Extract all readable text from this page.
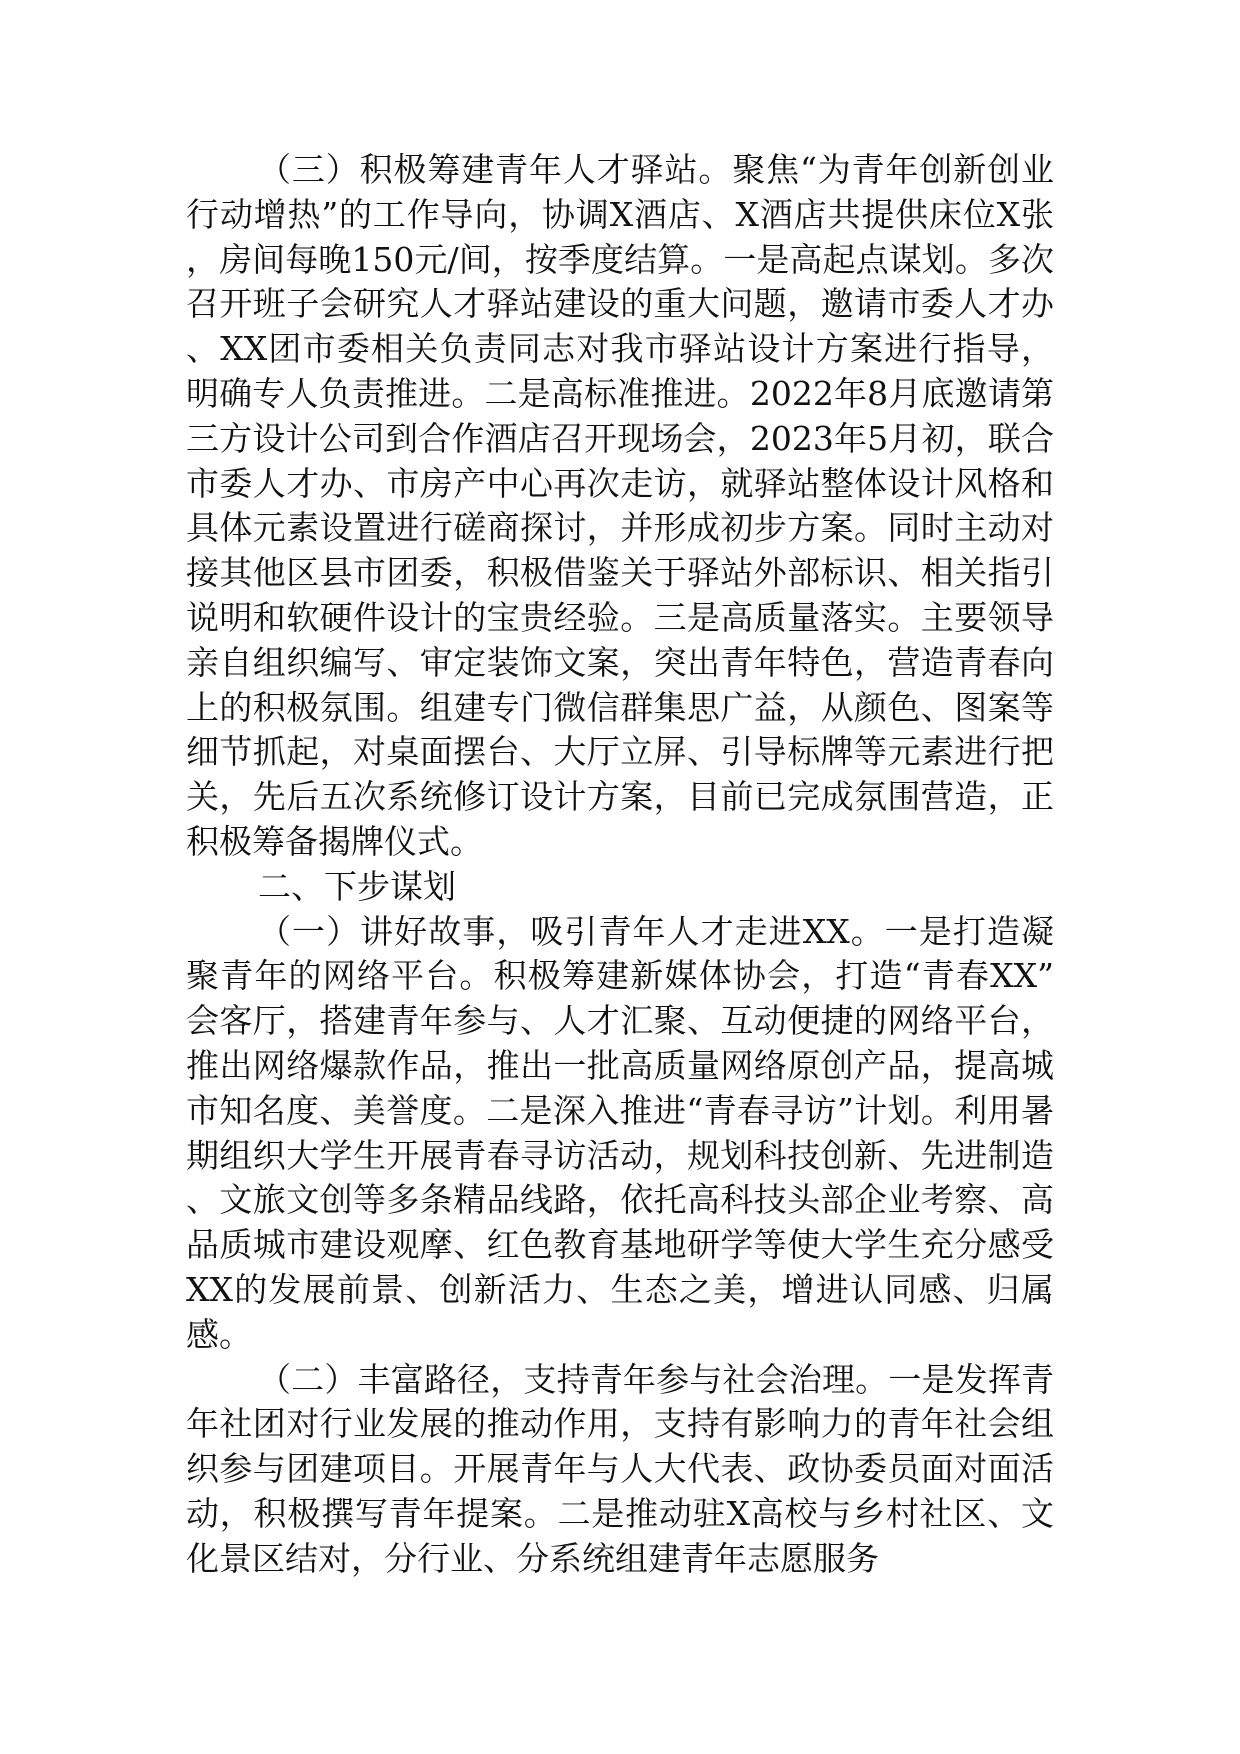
（三）积极筹建青年人才驿站。聚焦“为青年创新创业行动增热”的工作导向，协调X酒店、X酒店共提供床位X张，房间每晚150元/间，按季度结算。一是高起点谋划。多次召开班子会研究人才驿站建设的重大问题，邀请市委人才办、XX团市委相关负责同志对我市驿站设计方案进行指导，明确专人负责推进。二是高标准推进。2022年8月底邀请第三方设计公司到合作酒店召开现场会，2023年5月初，联合市委人才办、市房产中心再次走访，就驿站整体设计风格和具体元素设置进行磋商探讨，并形成初步方案。同时主动对接其他区县市团委，积极借鉴关于驿站外部标识、相关指引说明和软硬件设计的宝贵经验。三是高质量落实。主要领导亲自组织编写、审定装饰文案，突出青年特色，营造青春向上的积极氛围。组建专门微信群集思广益，从颜色、图案等细节抓起，对桌面摆台、大厅立屏、引导标牌等元素进行把关，先后五次系统修订设计方案，目前已完成氛围营造，正积极筹备揭牌仪式。

二、下步谋划

（一）讲好故事，吸引青年人才走进XX。一是打造凝聚青年的网络平台。积极筹建新媒体协会，打造“青春XX”会客厅，搭建青年参与、人才汇聚、互动便捷的网络平台，推出网络爆款作品，推出一批高质量网络原创产品，提高城市知名度、美誉度。二是深入推进“青春寻访”计划。利用暑期组织大学生开展青春寻访活动，规划科技创新、先进制造、文旅文创等多条精品线路，依托高科技头部企业考察、高品质城市建设观摩、红色教育基地研学等使大学生充分感受XX的发展前景、创新活力、生态之美，增进认同感、归属感。

（二）丰富路径，支持青年参与社会治理。一是发挥青年社团对行业发展的推动作用，支持有影响力的青年社会组织参与团建项目。开展青年与人大代表、政协委员面对面活动，积极撰写青年提案。二是推动驻X高校与乡村社区、文化景区结对，分行业、分系统组建青年志愿服务
